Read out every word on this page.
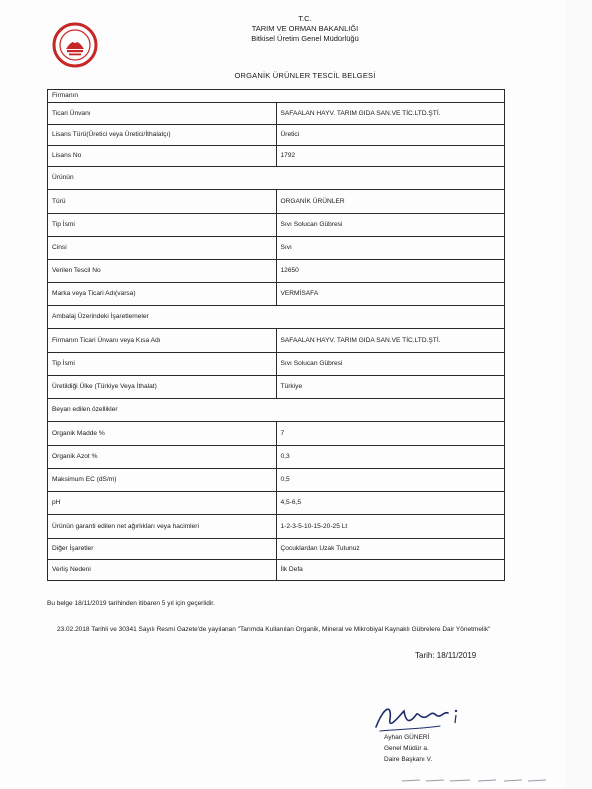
T.C.
TARIM VE ORMAN BAKANLIĞI
Bitkisel Üretim Genel Müdürlüğü
ORGANİK ÜRÜNLER TESCİL BELGESİ
Firmanın	
Ticari Ünvanı	SAFAALAN HAYV. TARIM GIDA SAN.VE TİC.LTD.ŞTİ.
Lisans Türü(Üretici veya Üretici/İthalatçı)	Üretici
Lisans No	1792
Ürünün	
Türü	ORGANİK ÜRÜNLER
Tip İsmi	Sıvı Solucan Gübresi
Cinsi	Sıvı
Verilen Tescil No	12650
Marka veya Ticari Adı(varsa)	VERMİSAFA
Ambalaj Üzerindeki İşaretlemeler	
Firmanın Ticari Ünvanı veya Kısa Adı	SAFAALAN HAYV. TARIM GIDA SAN.VE TİC.LTD.ŞTİ.
Tip İsmi	Sıvı Solucan Gübresi
Üretildiği Ülke (Türkiye Veya İthalat)	Türkiye
Beyan edilen özellikler	
Organik Madde %	7
Organik Azot %	0,3
Maksimum EC (dS/m)	0,5
pH	4,5-6,5
Ürünün garanti edilen net ağırlıkları veya hacimleri	1-2-3-5-10-15-20-25 Lt
Diğer İşaretler	Çocuklardan Uzak Tutunuz
Verliş Nedeni	İlk Defa
Bu belge 18/11/2019 tarihinden itibaren 5 yıl için geçerlidir.
23.02.2018 Tarihli ve 30341 Sayılı Resmi Gazete'de yayılanan "Tarımda Kullanılan Organik, Mineral ve Mikrobiyal Kaynaklı Gübrelere Dair Yönetmelik"
Tarih: 18/11/2019
Ayhan GÜNERİ
Genel Müdür a.
Daire Başkanı V.
